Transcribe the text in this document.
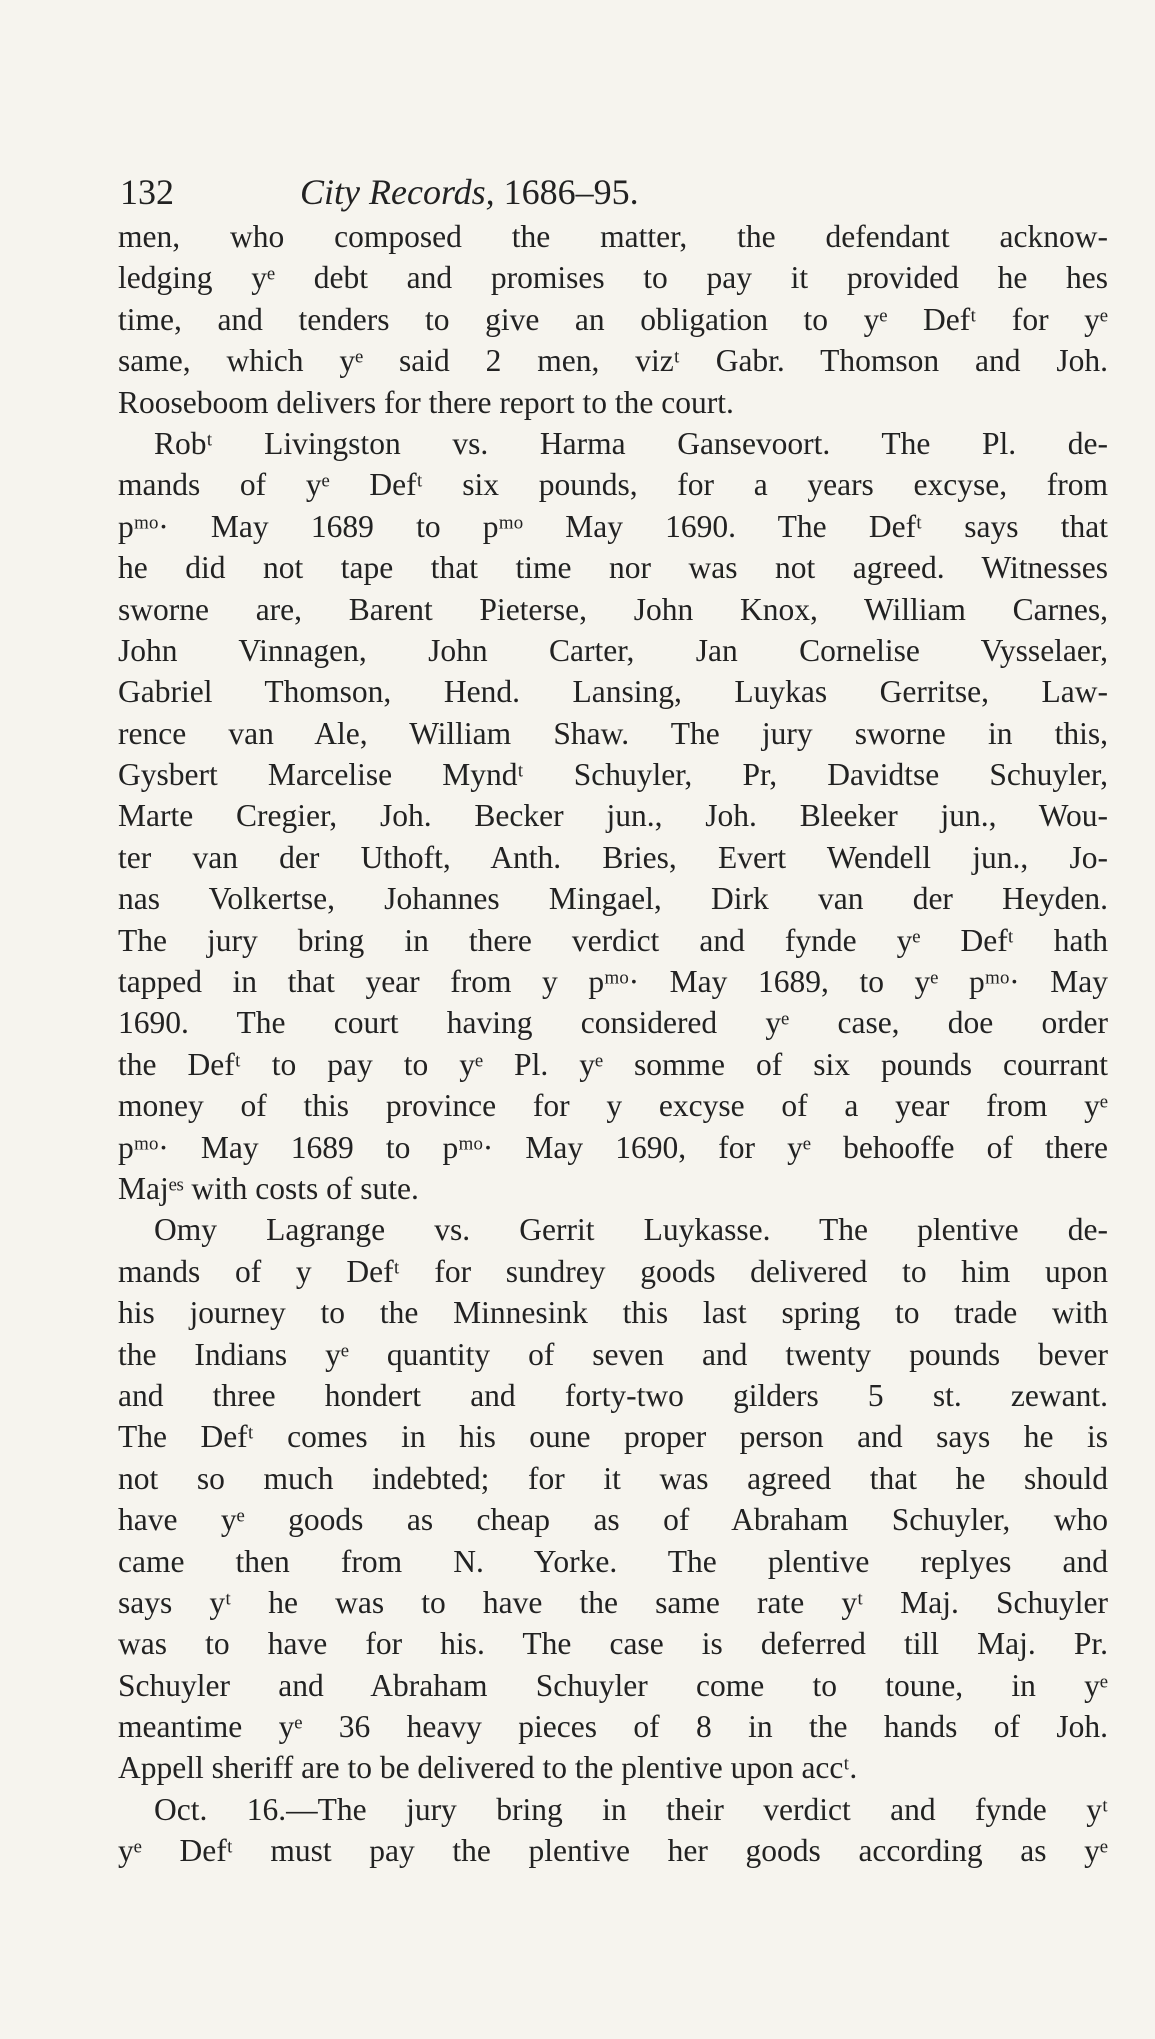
132	City Records, 1686–95.
men, who composed the matter, the defendant acknow-
ledging yᵉ debt and promises to pay it provided he hes
time, and tenders to give an obligation to yᵉ Defᵗ for yᵉ
same, which yᵉ said 2 men, vizᵗ Gabr. Thomson and Joh.
Rooseboom delivers for there report to the court.
Robᵗ Livingston vs. Harma Gansevoort. The Pl. de-
mands of yᵉ Defᵗ six pounds, for a years excyse, from
pᵐᵒ· May 1689 to pᵐᵒ May 1690. The Defᵗ says that
he did not tape that time nor was not agreed. Witnesses
sworne are, Barent Pieterse, John Knox, William Carnes,
John Vinnagen, John Carter, Jan Cornelise Vysselaer,
Gabriel Thomson, Hend. Lansing, Luykas Gerritse, Law-
rence van Ale, William Shaw. The jury sworne in this,
Gysbert Marcelise Myndᵗ Schuyler, Pr, Davidtse Schuyler,
Marte Cregier, Joh. Becker jun., Joh. Bleeker jun., Wou-
ter van der Uthoft, Anth. Bries, Evert Wendell jun., Jo-
nas Volkertse, Johannes Mingael, Dirk van der Heyden.
The jury bring in there verdict and fynde yᵉ Defᵗ hath
tapped in that year from y pᵐᵒ· May 1689, to yᵉ pᵐᵒ· May
1690. The court having considered yᵉ case, doe order
the Defᵗ to pay to yᵉ Pl. yᵉ somme of six pounds courrant
money of this province for y excyse of a year from yᵉ
pᵐᵒ· May 1689 to pᵐᵒ· May 1690, for yᵉ behooffe of there
Majᵉˢ with costs of sute.
Omy Lagrange vs. Gerrit Luykasse. The plentive de-
mands of y Defᵗ for sundrey goods delivered to him upon
his journey to the Minnesink this last spring to trade with
the Indians yᵉ quantity of seven and twenty pounds bever
and three hondert and forty-two gilders 5 st. zewant.
The Defᵗ comes in his oune proper person and says he is
not so much indebted; for it was agreed that he should
have yᵉ goods as cheap as of Abraham Schuyler, who
came then from N. Yorke. The plentive replyes and
says yᵗ he was to have the same rate yᵗ Maj. Schuyler
was to have for his. The case is deferred till Maj. Pr.
Schuyler and Abraham Schuyler come to toune, in yᵉ
meantime yᵉ 36 heavy pieces of 8 in the hands of Joh.
Appell sheriff are to be delivered to the plentive upon accᵗ.
Oct. 16.—The jury bring in their verdict and fynde yᵗ
yᵉ Defᵗ must pay the plentive her goods according as yᵉ
